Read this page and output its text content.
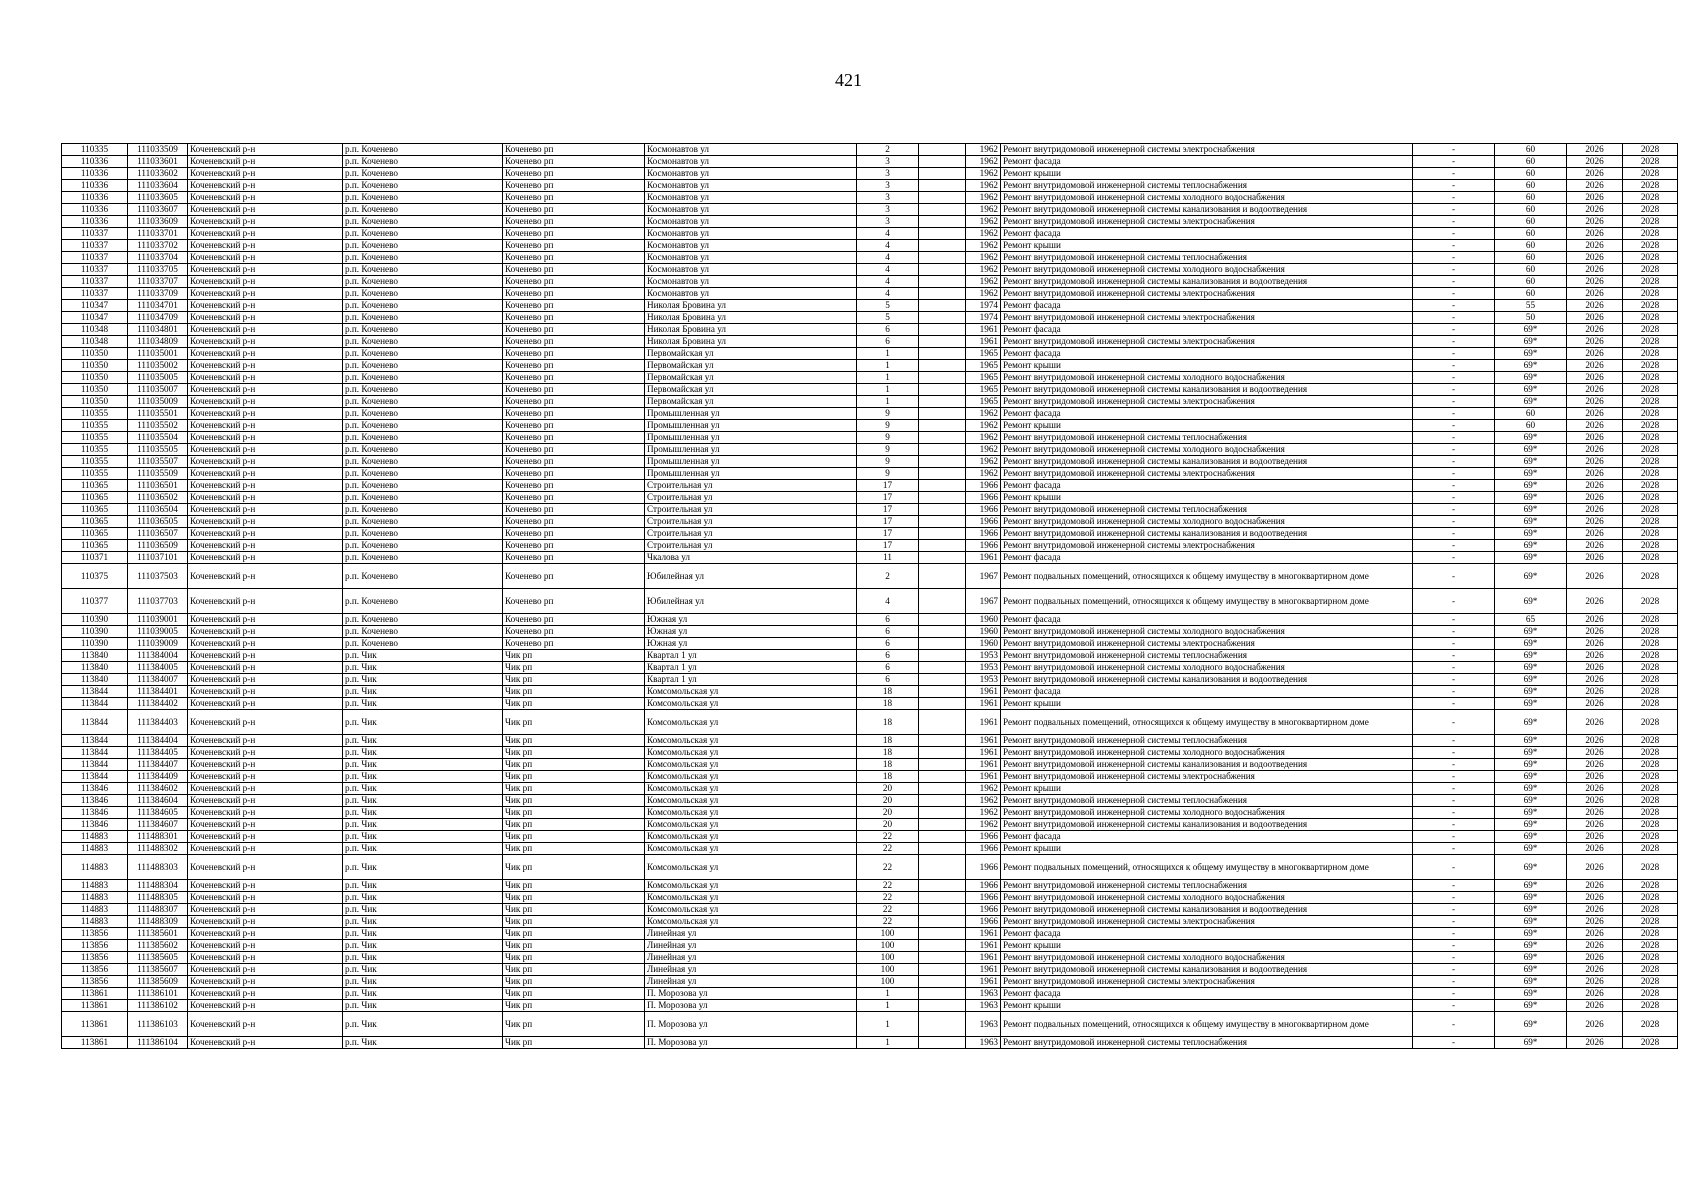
421
110335	111033509	Коченевский р-н	р.п. Коченево	Коченево рп	Космонавтов ул	2		1962	Ремонт внутридомовой инженерной системы электроснабжения	-	60	2026	2028
110336	111033601	Коченевский р-н	р.п. Коченево	Коченево рп	Космонавтов ул	3		1962	Ремонт фасада	-	60	2026	2028
110336	111033602	Коченевский р-н	р.п. Коченево	Коченево рп	Космонавтов ул	3		1962	Ремонт крыши	-	60	2026	2028
110336	111033604	Коченевский р-н	р.п. Коченево	Коченево рп	Космонавтов ул	3		1962	Ремонт внутридомовой инженерной системы теплоснабжения	-	60	2026	2028
110336	111033605	Коченевский р-н	р.п. Коченево	Коченево рп	Космонавтов ул	3		1962	Ремонт внутридомовой инженерной системы холодного водоснабжения	-	60	2026	2028
110336	111033607	Коченевский р-н	р.п. Коченево	Коченево рп	Космонавтов ул	3		1962	Ремонт внутридомовой инженерной системы канализования и водоотведения	-	60	2026	2028
110336	111033609	Коченевский р-н	р.п. Коченево	Коченево рп	Космонавтов ул	3		1962	Ремонт внутридомовой инженерной системы электроснабжения	-	60	2026	2028
110337	111033701	Коченевский р-н	р.п. Коченево	Коченево рп	Космонавтов ул	4		1962	Ремонт фасада	-	60	2026	2028
110337	111033702	Коченевский р-н	р.п. Коченево	Коченево рп	Космонавтов ул	4		1962	Ремонт крыши	-	60	2026	2028
110337	111033704	Коченевский р-н	р.п. Коченево	Коченево рп	Космонавтов ул	4		1962	Ремонт внутридомовой инженерной системы теплоснабжения	-	60	2026	2028
110337	111033705	Коченевский р-н	р.п. Коченево	Коченево рп	Космонавтов ул	4		1962	Ремонт внутридомовой инженерной системы холодного водоснабжения	-	60	2026	2028
110337	111033707	Коченевский р-н	р.п. Коченево	Коченево рп	Космонавтов ул	4		1962	Ремонт внутридомовой инженерной системы канализования и водоотведения	-	60	2026	2028
110337	111033709	Коченевский р-н	р.п. Коченево	Коченево рп	Космонавтов ул	4		1962	Ремонт внутридомовой инженерной системы электроснабжения	-	60	2026	2028
110347	111034701	Коченевский р-н	р.п. Коченево	Коченево рп	Николая Бровина ул	5		1974	Ремонт фасада	-	55	2026	2028
110347	111034709	Коченевский р-н	р.п. Коченево	Коченево рп	Николая Бровина ул	5		1974	Ремонт внутридомовой инженерной системы электроснабжения	-	50	2026	2028
110348	111034801	Коченевский р-н	р.п. Коченево	Коченево рп	Николая Бровина ул	6		1961	Ремонт фасада	-	69*	2026	2028
110348	111034809	Коченевский р-н	р.п. Коченево	Коченево рп	Николая Бровина ул	6		1961	Ремонт внутридомовой инженерной системы электроснабжения	-	69*	2026	2028
110350	111035001	Коченевский р-н	р.п. Коченево	Коченево рп	Первомайская ул	1		1965	Ремонт фасада	-	69*	2026	2028
110350	111035002	Коченевский р-н	р.п. Коченево	Коченево рп	Первомайская ул	1		1965	Ремонт крыши	-	69*	2026	2028
110350	111035005	Коченевский р-н	р.п. Коченево	Коченево рп	Первомайская ул	1		1965	Ремонт внутридомовой инженерной системы холодного водоснабжения	-	69*	2026	2028
110350	111035007	Коченевский р-н	р.п. Коченево	Коченево рп	Первомайская ул	1		1965	Ремонт внутридомовой инженерной системы канализования и водоотведения	-	69*	2026	2028
110350	111035009	Коченевский р-н	р.п. Коченево	Коченево рп	Первомайская ул	1		1965	Ремонт внутридомовой инженерной системы электроснабжения	-	69*	2026	2028
110355	111035501	Коченевский р-н	р.п. Коченево	Коченево рп	Промышленная ул	9		1962	Ремонт фасада	-	60	2026	2028
110355	111035502	Коченевский р-н	р.п. Коченево	Коченево рп	Промышленная ул	9		1962	Ремонт крыши	-	60	2026	2028
110355	111035504	Коченевский р-н	р.п. Коченево	Коченево рп	Промышленная ул	9		1962	Ремонт внутридомовой инженерной системы теплоснабжения	-	69*	2026	2028
110355	111035505	Коченевский р-н	р.п. Коченево	Коченево рп	Промышленная ул	9		1962	Ремонт внутридомовой инженерной системы холодного водоснабжения	-	69*	2026	2028
110355	111035507	Коченевский р-н	р.п. Коченево	Коченево рп	Промышленная ул	9		1962	Ремонт внутридомовой инженерной системы канализования и водоотведения	-	69*	2026	2028
110355	111035509	Коченевский р-н	р.п. Коченево	Коченево рп	Промышленная ул	9		1962	Ремонт внутридомовой инженерной системы электроснабжения	-	69*	2026	2028
110365	111036501	Коченевский р-н	р.п. Коченево	Коченево рп	Строительная ул	17		1966	Ремонт фасада	-	69*	2026	2028
110365	111036502	Коченевский р-н	р.п. Коченево	Коченево рп	Строительная ул	17		1966	Ремонт крыши	-	69*	2026	2028
110365	111036504	Коченевский р-н	р.п. Коченево	Коченево рп	Строительная ул	17		1966	Ремонт внутридомовой инженерной системы теплоснабжения	-	69*	2026	2028
110365	111036505	Коченевский р-н	р.п. Коченево	Коченево рп	Строительная ул	17		1966	Ремонт внутридомовой инженерной системы холодного водоснабжения	-	69*	2026	2028
110365	111036507	Коченевский р-н	р.п. Коченево	Коченево рп	Строительная ул	17		1966	Ремонт внутридомовой инженерной системы канализования и водоотведения	-	69*	2026	2028
110365	111036509	Коченевский р-н	р.п. Коченево	Коченево рп	Строительная ул	17		1966	Ремонт внутридомовой инженерной системы электроснабжения	-	69*	2026	2028
110371	111037101	Коченевский р-н	р.п. Коченево	Коченево рп	Чкалова ул	11		1961	Ремонт фасада	-	69*	2026	2028
110375	111037503	Коченевский р-н	р.п. Коченево	Коченево рп	Юбилейная ул	2		1967	Ремонт подвальных помещений, относящихся к общему имуществу в многоквартирном доме	-	69*	2026	2028
110377	111037703	Коченевский р-н	р.п. Коченево	Коченево рп	Юбилейная ул	4		1967	Ремонт подвальных помещений, относящихся к общему имуществу в многоквартирном доме	-	69*	2026	2028
110390	111039001	Коченевский р-н	р.п. Коченево	Коченево рп	Южная ул	6		1960	Ремонт фасада	-	65	2026	2028
110390	111039005	Коченевский р-н	р.п. Коченево	Коченево рп	Южная ул	6		1960	Ремонт внутридомовой инженерной системы холодного водоснабжения	-	69*	2026	2028
110390	111039009	Коченевский р-н	р.п. Коченево	Коченево рп	Южная ул	6		1960	Ремонт внутридомовой инженерной системы электроснабжения	-	69*	2026	2028
113840	111384004	Коченевский р-н	р.п. Чик	Чик рп	Квартал 1 ул	6		1953	Ремонт внутридомовой инженерной системы теплоснабжения	-	69*	2026	2028
113840	111384005	Коченевский р-н	р.п. Чик	Чик рп	Квартал 1 ул	6		1953	Ремонт внутридомовой инженерной системы холодного водоснабжения	-	69*	2026	2028
113840	111384007	Коченевский р-н	р.п. Чик	Чик рп	Квартал 1 ул	6		1953	Ремонт внутридомовой инженерной системы канализования и водоотведения	-	69*	2026	2028
113844	111384401	Коченевский р-н	р.п. Чик	Чик рп	Комсомольская ул	18		1961	Ремонт фасада	-	69*	2026	2028
113844	111384402	Коченевский р-н	р.п. Чик	Чик рп	Комсомольская ул	18		1961	Ремонт крыши	-	69*	2026	2028
113844	111384403	Коченевский р-н	р.п. Чик	Чик рп	Комсомольская ул	18		1961	Ремонт подвальных помещений, относящихся к общему имуществу в многоквартирном доме	-	69*	2026	2028
113844	111384404	Коченевский р-н	р.п. Чик	Чик рп	Комсомольская ул	18		1961	Ремонт внутридомовой инженерной системы теплоснабжения	-	69*	2026	2028
113844	111384405	Коченевский р-н	р.п. Чик	Чик рп	Комсомольская ул	18		1961	Ремонт внутридомовой инженерной системы холодного водоснабжения	-	69*	2026	2028
113844	111384407	Коченевский р-н	р.п. Чик	Чик рп	Комсомольская ул	18		1961	Ремонт внутридомовой инженерной системы канализования и водоотведения	-	69*	2026	2028
113844	111384409	Коченевский р-н	р.п. Чик	Чик рп	Комсомольская ул	18		1961	Ремонт внутридомовой инженерной системы электроснабжения	-	69*	2026	2028
113846	111384602	Коченевский р-н	р.п. Чик	Чик рп	Комсомольская ул	20		1962	Ремонт крыши	-	69*	2026	2028
113846	111384604	Коченевский р-н	р.п. Чик	Чик рп	Комсомольская ул	20		1962	Ремонт внутридомовой инженерной системы теплоснабжения	-	69*	2026	2028
113846	111384605	Коченевский р-н	р.п. Чик	Чик рп	Комсомольская ул	20		1962	Ремонт внутридомовой инженерной системы холодного водоснабжения	-	69*	2026	2028
113846	111384607	Коченевский р-н	р.п. Чик	Чик рп	Комсомольская ул	20		1962	Ремонт внутридомовой инженерной системы канализования и водоотведения	-	69*	2026	2028
114883	111488301	Коченевский р-н	р.п. Чик	Чик рп	Комсомольская ул	22		1966	Ремонт фасада	-	69*	2026	2028
114883	111488302	Коченевский р-н	р.п. Чик	Чик рп	Комсомольская ул	22		1966	Ремонт крыши	-	69*	2026	2028
114883	111488303	Коченевский р-н	р.п. Чик	Чик рп	Комсомольская ул	22		1966	Ремонт подвальных помещений, относящихся к общему имуществу в многоквартирном доме	-	69*	2026	2028
114883	111488304	Коченевский р-н	р.п. Чик	Чик рп	Комсомольская ул	22		1966	Ремонт внутридомовой инженерной системы теплоснабжения	-	69*	2026	2028
114883	111488305	Коченевский р-н	р.п. Чик	Чик рп	Комсомольская ул	22		1966	Ремонт внутридомовой инженерной системы холодного водоснабжения	-	69*	2026	2028
114883	111488307	Коченевский р-н	р.п. Чик	Чик рп	Комсомольская ул	22		1966	Ремонт внутридомовой инженерной системы канализования и водоотведения	-	69*	2026	2028
114883	111488309	Коченевский р-н	р.п. Чик	Чик рп	Комсомольская ул	22		1966	Ремонт внутридомовой инженерной системы электроснабжения	-	69*	2026	2028
113856	111385601	Коченевский р-н	р.п. Чик	Чик рп	Линейная ул	100		1961	Ремонт фасада	-	69*	2026	2028
113856	111385602	Коченевский р-н	р.п. Чик	Чик рп	Линейная ул	100		1961	Ремонт крыши	-	69*	2026	2028
113856	111385605	Коченевский р-н	р.п. Чик	Чик рп	Линейная ул	100		1961	Ремонт внутридомовой инженерной системы холодного водоснабжения	-	69*	2026	2028
113856	111385607	Коченевский р-н	р.п. Чик	Чик рп	Линейная ул	100		1961	Ремонт внутридомовой инженерной системы канализования и водоотведения	-	69*	2026	2028
113856	111385609	Коченевский р-н	р.п. Чик	Чик рп	Линейная ул	100		1961	Ремонт внутридомовой инженерной системы электроснабжения	-	69*	2026	2028
113861	111386101	Коченевский р-н	р.п. Чик	Чик рп	П. Морозова ул	1		1963	Ремонт фасада	-	69*	2026	2028
113861	111386102	Коченевский р-н	р.п. Чик	Чик рп	П. Морозова ул	1		1963	Ремонт крыши	-	69*	2026	2028
113861	111386103	Коченевский р-н	р.п. Чик	Чик рп	П. Морозова ул	1		1963	Ремонт подвальных помещений, относящихся к общему имуществу в многоквартирном доме	-	69*	2026	2028
113861	111386104	Коченевский р-н	р.п. Чик	Чик рп	П. Морозова ул	1		1963	Ремонт внутридомовой инженерной системы теплоснабжения	-	69*	2026	2028
